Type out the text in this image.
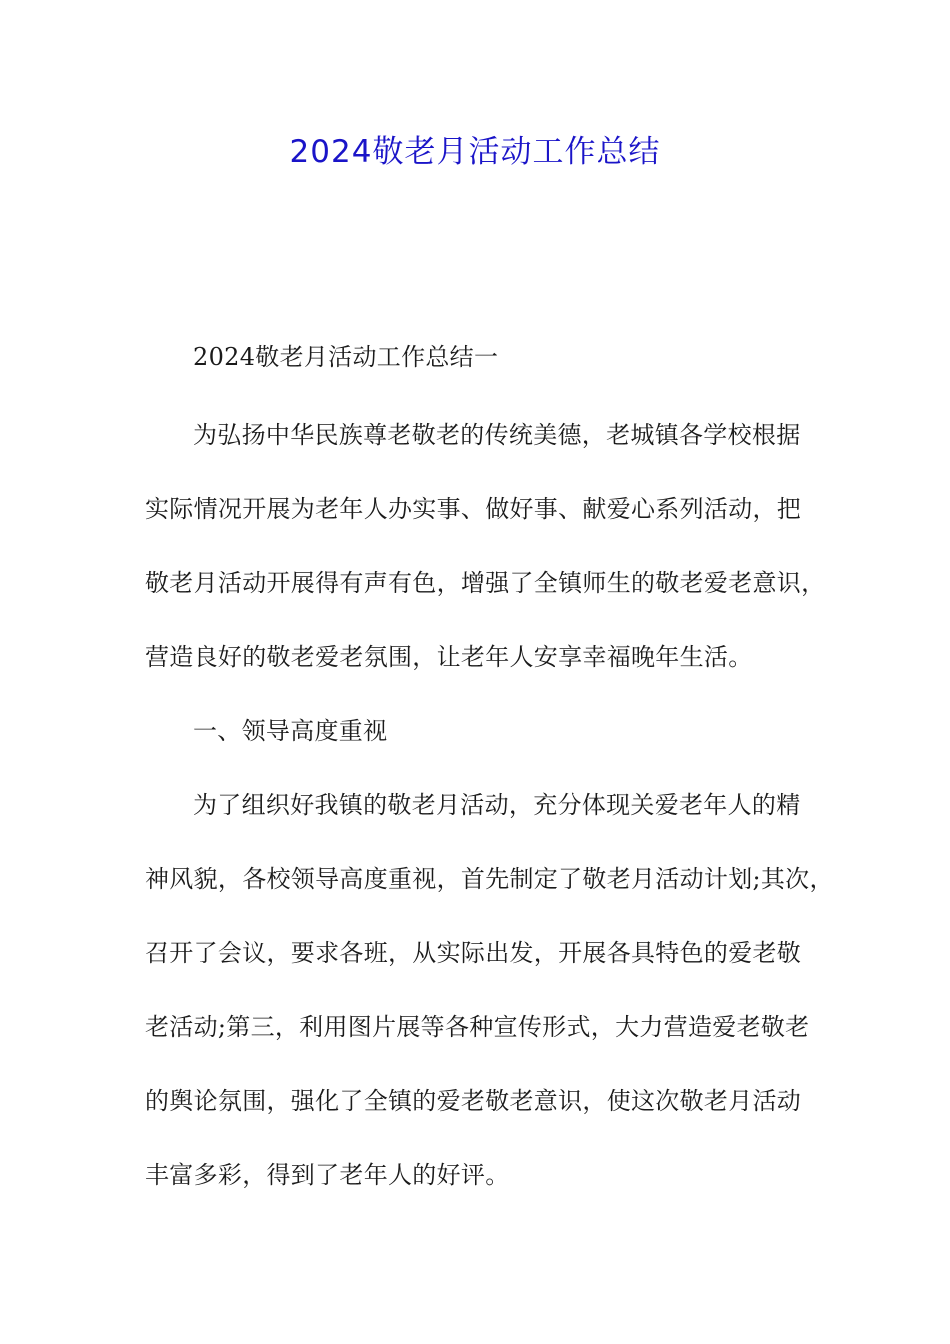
2024敬老月活动工作总结
2024敬老月活动工作总结一
为弘扬中华民族尊老敬老的传统美德，老城镇各学校根据
实际情况开展为老年人办实事、做好事、献爱心系列活动，把
敬老月活动开展得有声有色，增强了全镇师生的敬老爱老意识，
营造良好的敬老爱老氛围，让老年人安享幸福晚年生活。
一、领导高度重视
为了组织好我镇的敬老月活动，充分体现关爱老年人的精
神风貌，各校领导高度重视，首先制定了敬老月活动计划;其次，
召开了会议，要求各班，从实际出发，开展各具特色的爱老敬
老活动;第三，利用图片展等各种宣传形式，大力营造爱老敬老
的舆论氛围，强化了全镇的爱老敬老意识，使这次敬老月活动
丰富多彩，得到了老年人的好评。
